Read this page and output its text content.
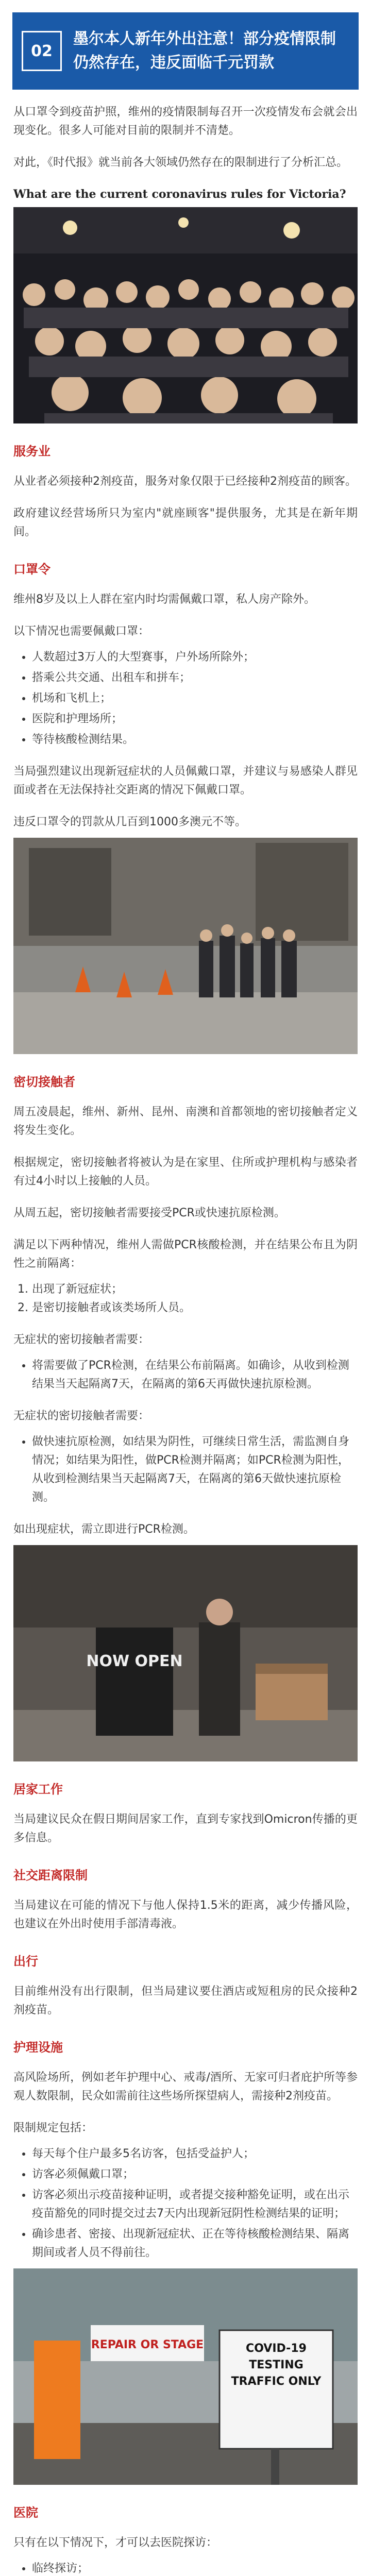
02
墨尔本人新年外出注意！部分疫情限制仍然存在，违反面临千元罚款

从口罩令到疫苗护照，维州的疫情限制每召开一次疫情发布会就会出现变化。很多人可能对目前的限制并不清楚。

对此，《时代报》就当前各大领域仍然存在的限制进行了分析汇总。

What are the current coronavirus rules for Victoria?
服务业

从业者必须接种2剂疫苗，服务对象仅限于已经接种2剂疫苗的顾客。

政府建议经营场所只为室内"就座顾客"提供服务，尤其是在新年期间。

口罩令

维州8岁及以上人群在室内时均需佩戴口罩，私人房产除外。

以下情况也需要佩戴口罩：

• 人数超过3万人的大型赛事，户外场所除外；
• 搭乘公共交通、出租车和拼车；
• 机场和飞机上；
• 医院和护理场所；
• 等待核酸检测结果。

当局强烈建议出现新冠症状的人员佩戴口罩，并建议与易感染人群见面或者在无法保持社交距离的情况下佩戴口罩。

违反口罩令的罚款从几百到1000多澳元不等。

密切接触者

周五凌晨起，维州、新州、昆州、南澳和首都领地的密切接触者定义将发生变化。

根据规定，密切接触者将被认为是在家里、住所或护理机构与感染者有过4小时以上接触的人员。

从周五起，密切接触者需要接受PCR或快速抗原检测。

满足以下两种情况，维州人需做PCR核酸检测，并在结果公布且为阴性之前隔离：

1. 出现了新冠症状；
2. 是密切接触者或该类场所人员。

无症状的密切接触者需要：

• 将需要做了PCR检测，在结果公布前隔离。如确诊，从收到检测结果当天起隔离7天，在隔离的第6天再做快速抗原检测。

无症状的密切接触者需要：

• 做快速抗原检测，如结果为阴性，可继续日常生活，需监测自身情况；如结果为阳性，做PCR检测并隔离；如PCR检测为阳性，从收到检测结果当天起隔离7天，在隔离的第6天做快速抗原检测。

如出现症状，需立即进行PCR检测。

NOW OPEN
居家工作

当局建议民众在假日期间居家工作，直到专家找到Omicron传播的更多信息。

社交距离限制

当局建议在可能的情况下与他人保持1.5米的距离，减少传播风险，也建议在外出时使用手部清毒液。

出行

目前维州没有出行限制，但当局建议要住酒店或短租房的民众接种2剂疫苗。

护理设施

高风险场所，例如老年护理中心、戒毒/酒所、无家可归者庇护所等参观人数限制，民众如需前往这些场所探望病人，需接种2剂疫苗。

限制规定包括：

• 每天每个住户最多5名访客，包括受益护人；
• 访客必须佩戴口罩；
• 访客必须出示疫苗接种证明，或者提交接种豁免证明，或在出示疫苗豁免的同时提交过去7天内出现新冠阴性检测结果的证明；
• 确诊患者、密接、出现新冠症状、正在等待核酸检测结果、隔离期间或者人员不得前往。
REPAIR OR STAGE	COVID-19 TESTING TRAFFIC ONLY
医院

只有在以下情况下，才可以去医院探访：

• 临终探访；
